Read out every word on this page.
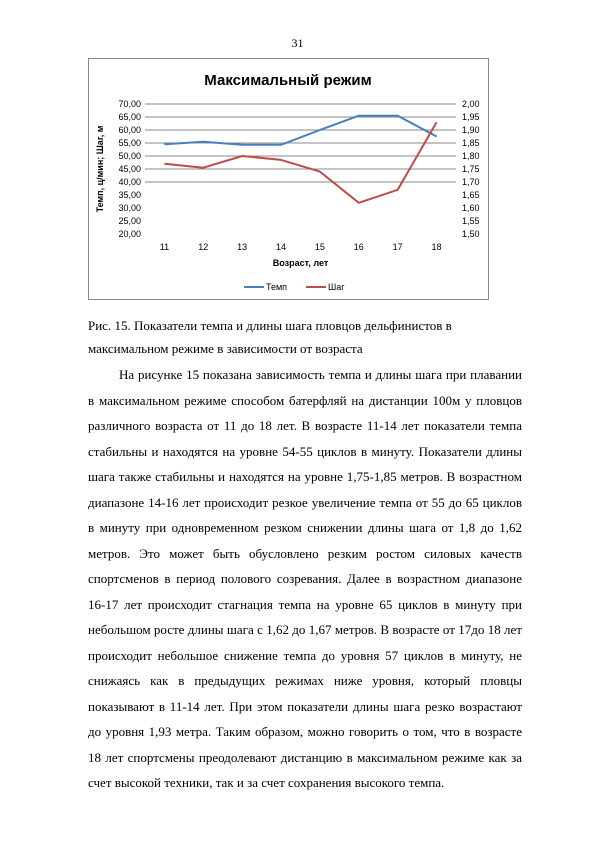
31
Максимальный режим
70,00
65,00
60,00
55,00
50,00
45,00
40,00
35,00
30,00
25,00
20,00
2,00
1,95
1,90
1,85
1,80
1,75
1,70
1,65
1,60
1,55
1,50
11	12	13	14	15	16	17	18
Возраст, лет
Темп, ц/мин; Шаг, м
Темп	Шаг
Рис. 15. Показатели темпа и длины шага пловцов дельфинистов в максимальном режиме в зависимости от возраста

На рисунке 15 показана зависимость темпа и длины шага при плавании в максимальном режиме способом батерфляй на дистанции 100м у пловцов различного возраста от 11 до 18 лет. В возрасте 11-14 лет показатели темпа стабильны и находятся на уровне 54-55 циклов в минуту. Показатели длины шага также стабильны и находятся на уровне 1,75-1,85 метров. В возрастном диапазоне 14-16 лет происходит резкое увеличение темпа от 55 до 65 циклов в минуту при одновременном резком снижении длины шага от 1,8 до 1,62 метров. Это может быть обусловлено резким ростом силовых качеств спортсменов в период полового созревания. Далее в возрастном диапазоне 16-17 лет происходит стагнация темпа на уровне 65 циклов в минуту при небольшом росте длины шага с 1,62 до 1,67 метров. В возрасте от 17до 18 лет происходит небольшое снижение темпа до уровня 57 циклов в минуту, не снижаясь как в предыдущих режимах ниже уровня, который пловцы показывают в 11-14 лет. При этом показатели длины шага резко возрастают до уровня 1,93 метра. Таким образом, можно говорить о том, что в возрасте 18 лет спортсмены преодолевают дистанцию в максимальном режиме как за счет высокой техники, так и за счет сохранения высокого темпа.
